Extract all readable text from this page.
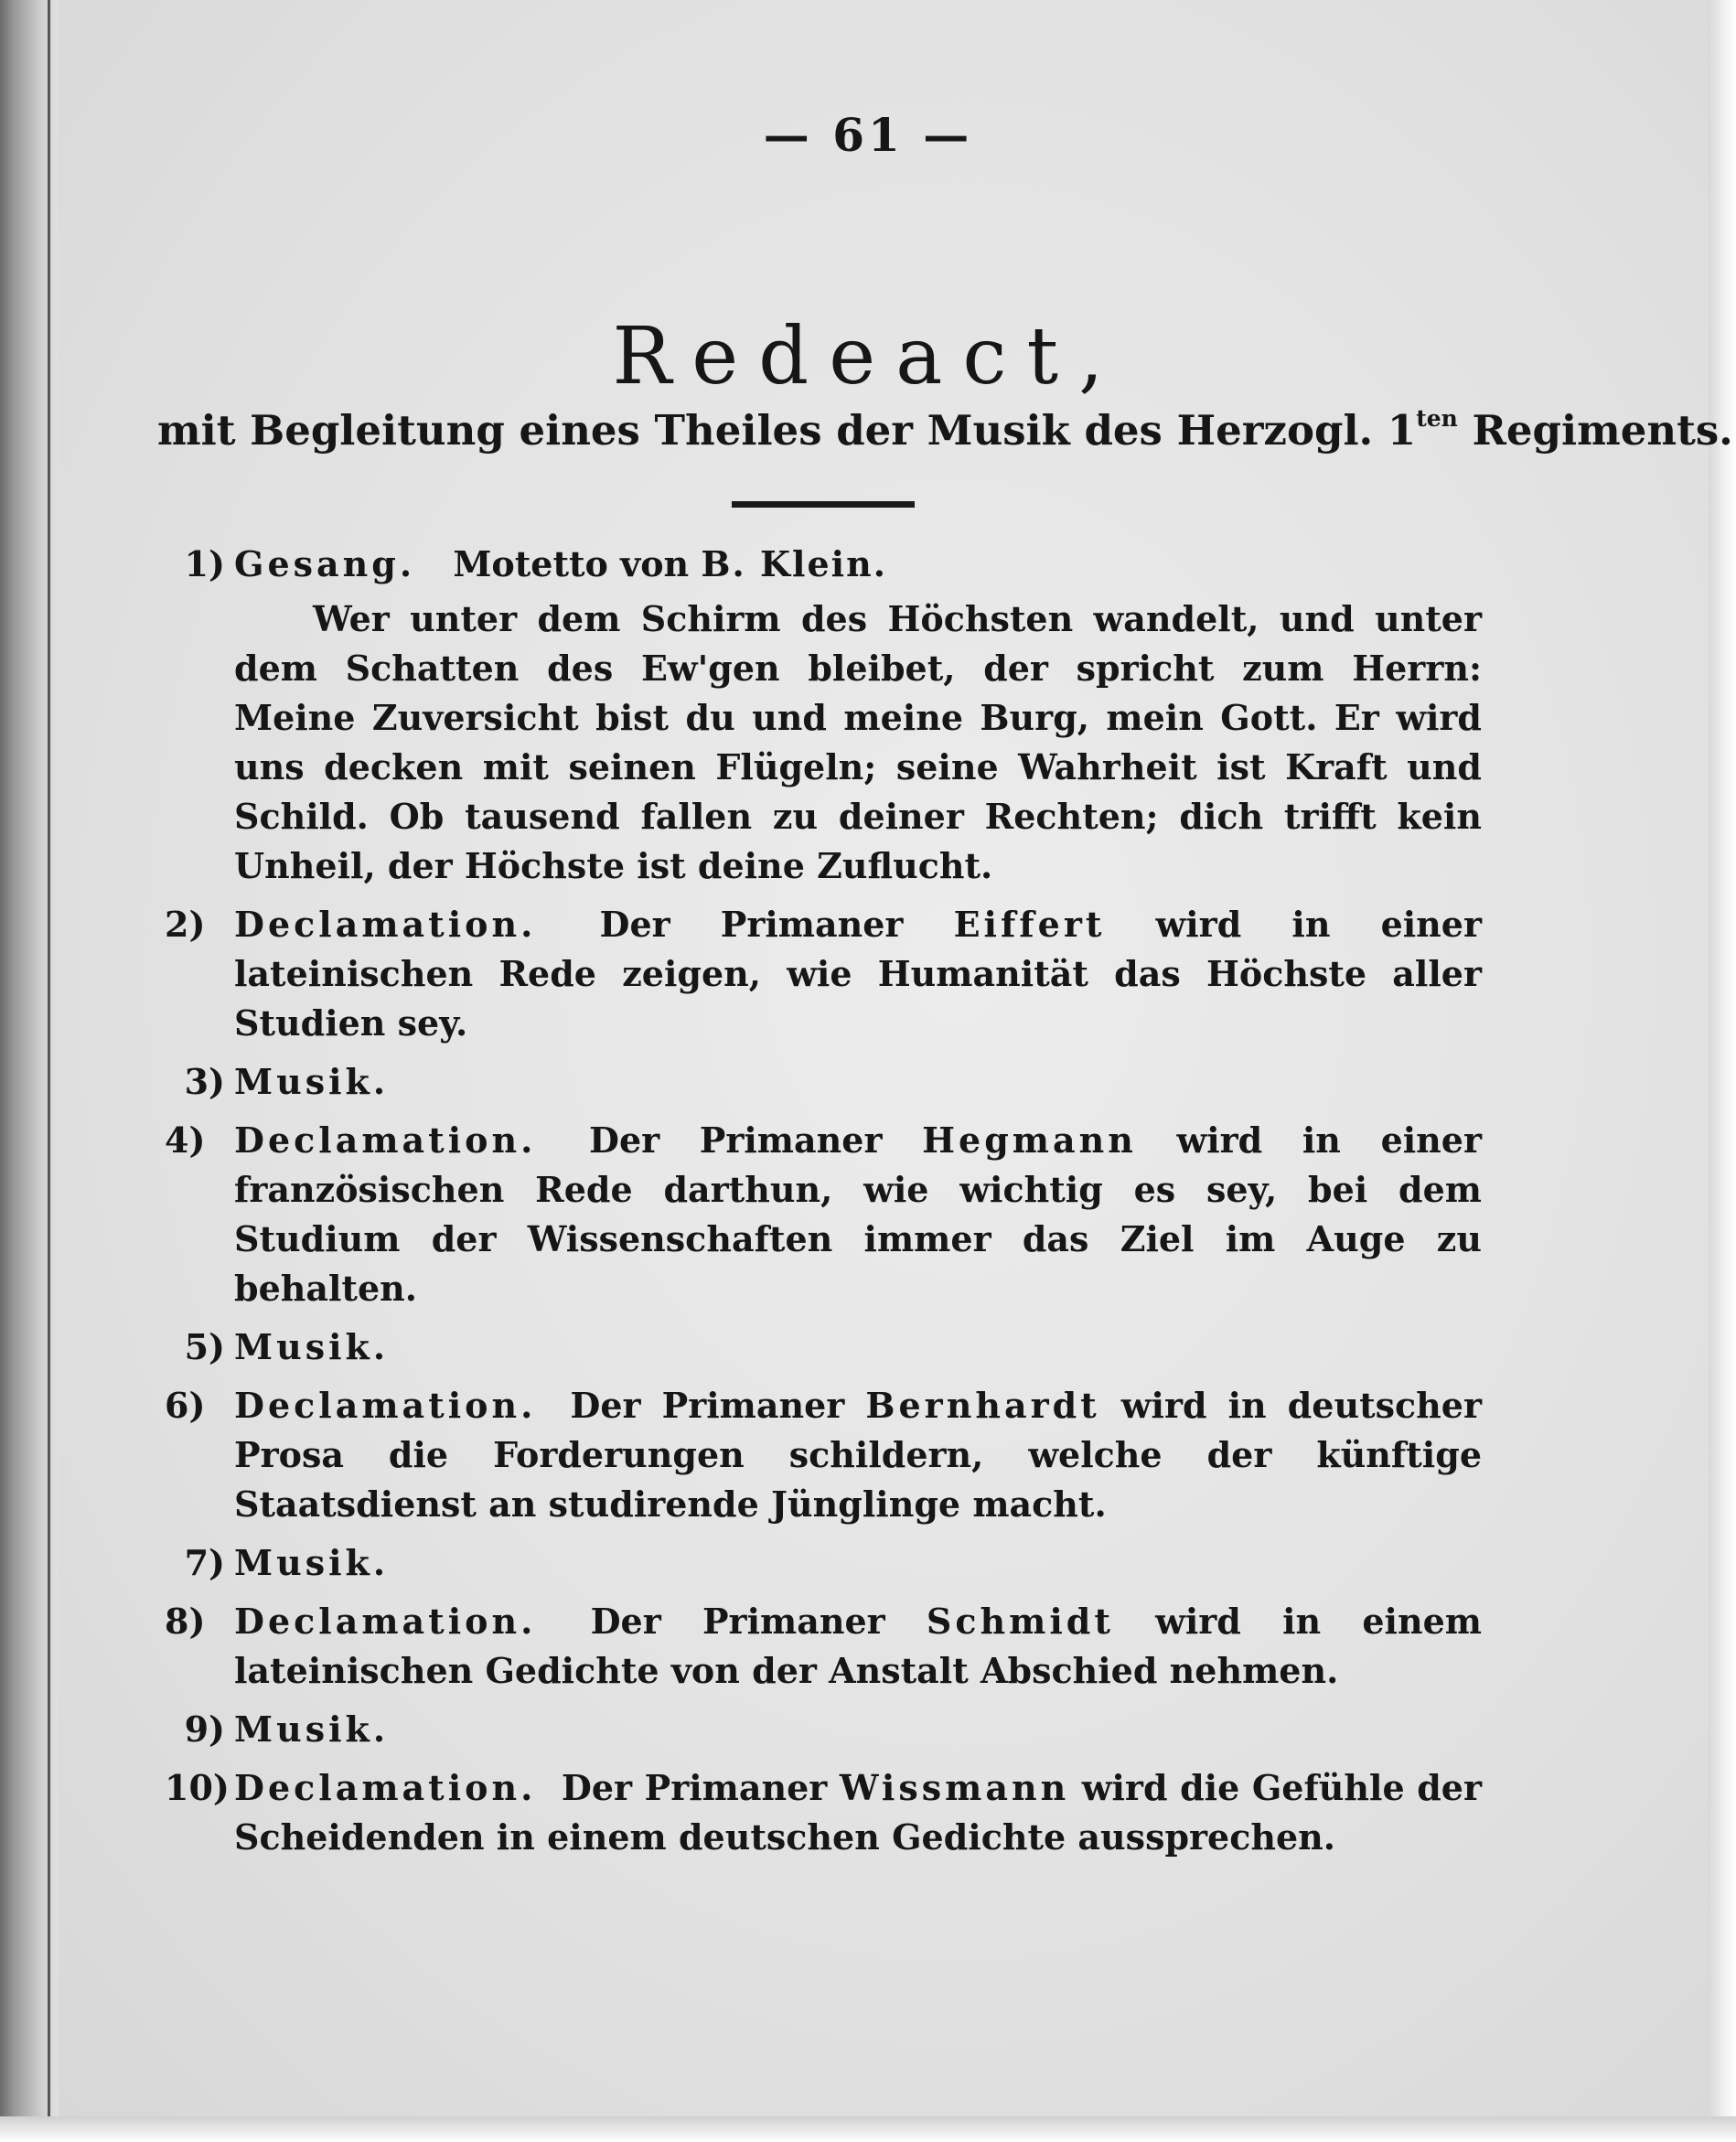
— 61 —
Redeact,
mit Begleitung eines Theiles der Musik des Herzogl. $1^{ten}$ Regiments.
1) Gesang. Motetto von B. Klein.
Wer unter dem Schirm des Höchsten wandelt, und unter dem Schatten des Ew'gen bleibet, der spricht zum Herrn: Meine Zuversicht bist du und meine Burg, mein Gott. Er wird uns decken mit seinen Flügeln; seine Wahrheit ist Kraft und Schild. Ob tausend fallen zu deiner Rechten; dich trifft kein Unheil, der Höchste ist deine Zuflucht.
2) Declamation. Der Primaner Eiffert wird in einer lateinischen Rede zeigen, wie Humanität das Höchste aller Studien sey.
3) Musik.
4) Declamation. Der Primaner Hegmann wird in einer französischen Rede darthun, wie wichtig es sey, bei dem Studium der Wissenschaften immer das Ziel im Auge zu behalten.
5) Musik.
6) Declamation. Der Primaner Bernhardt wird in deutscher Prosa die Forderungen schildern, welche der künftige Staatsdienst an studirende Jünglinge macht.
7) Musik.
8) Declamation. Der Primaner Schmidt wird in einem lateinischen Gedichte von der Anstalt Abschied nehmen.
9) Musik.
10) Declamation. Der Primaner Wissmann wird die Gefühle der Scheidenden in einem deutschen Gedichte aussprechen.
